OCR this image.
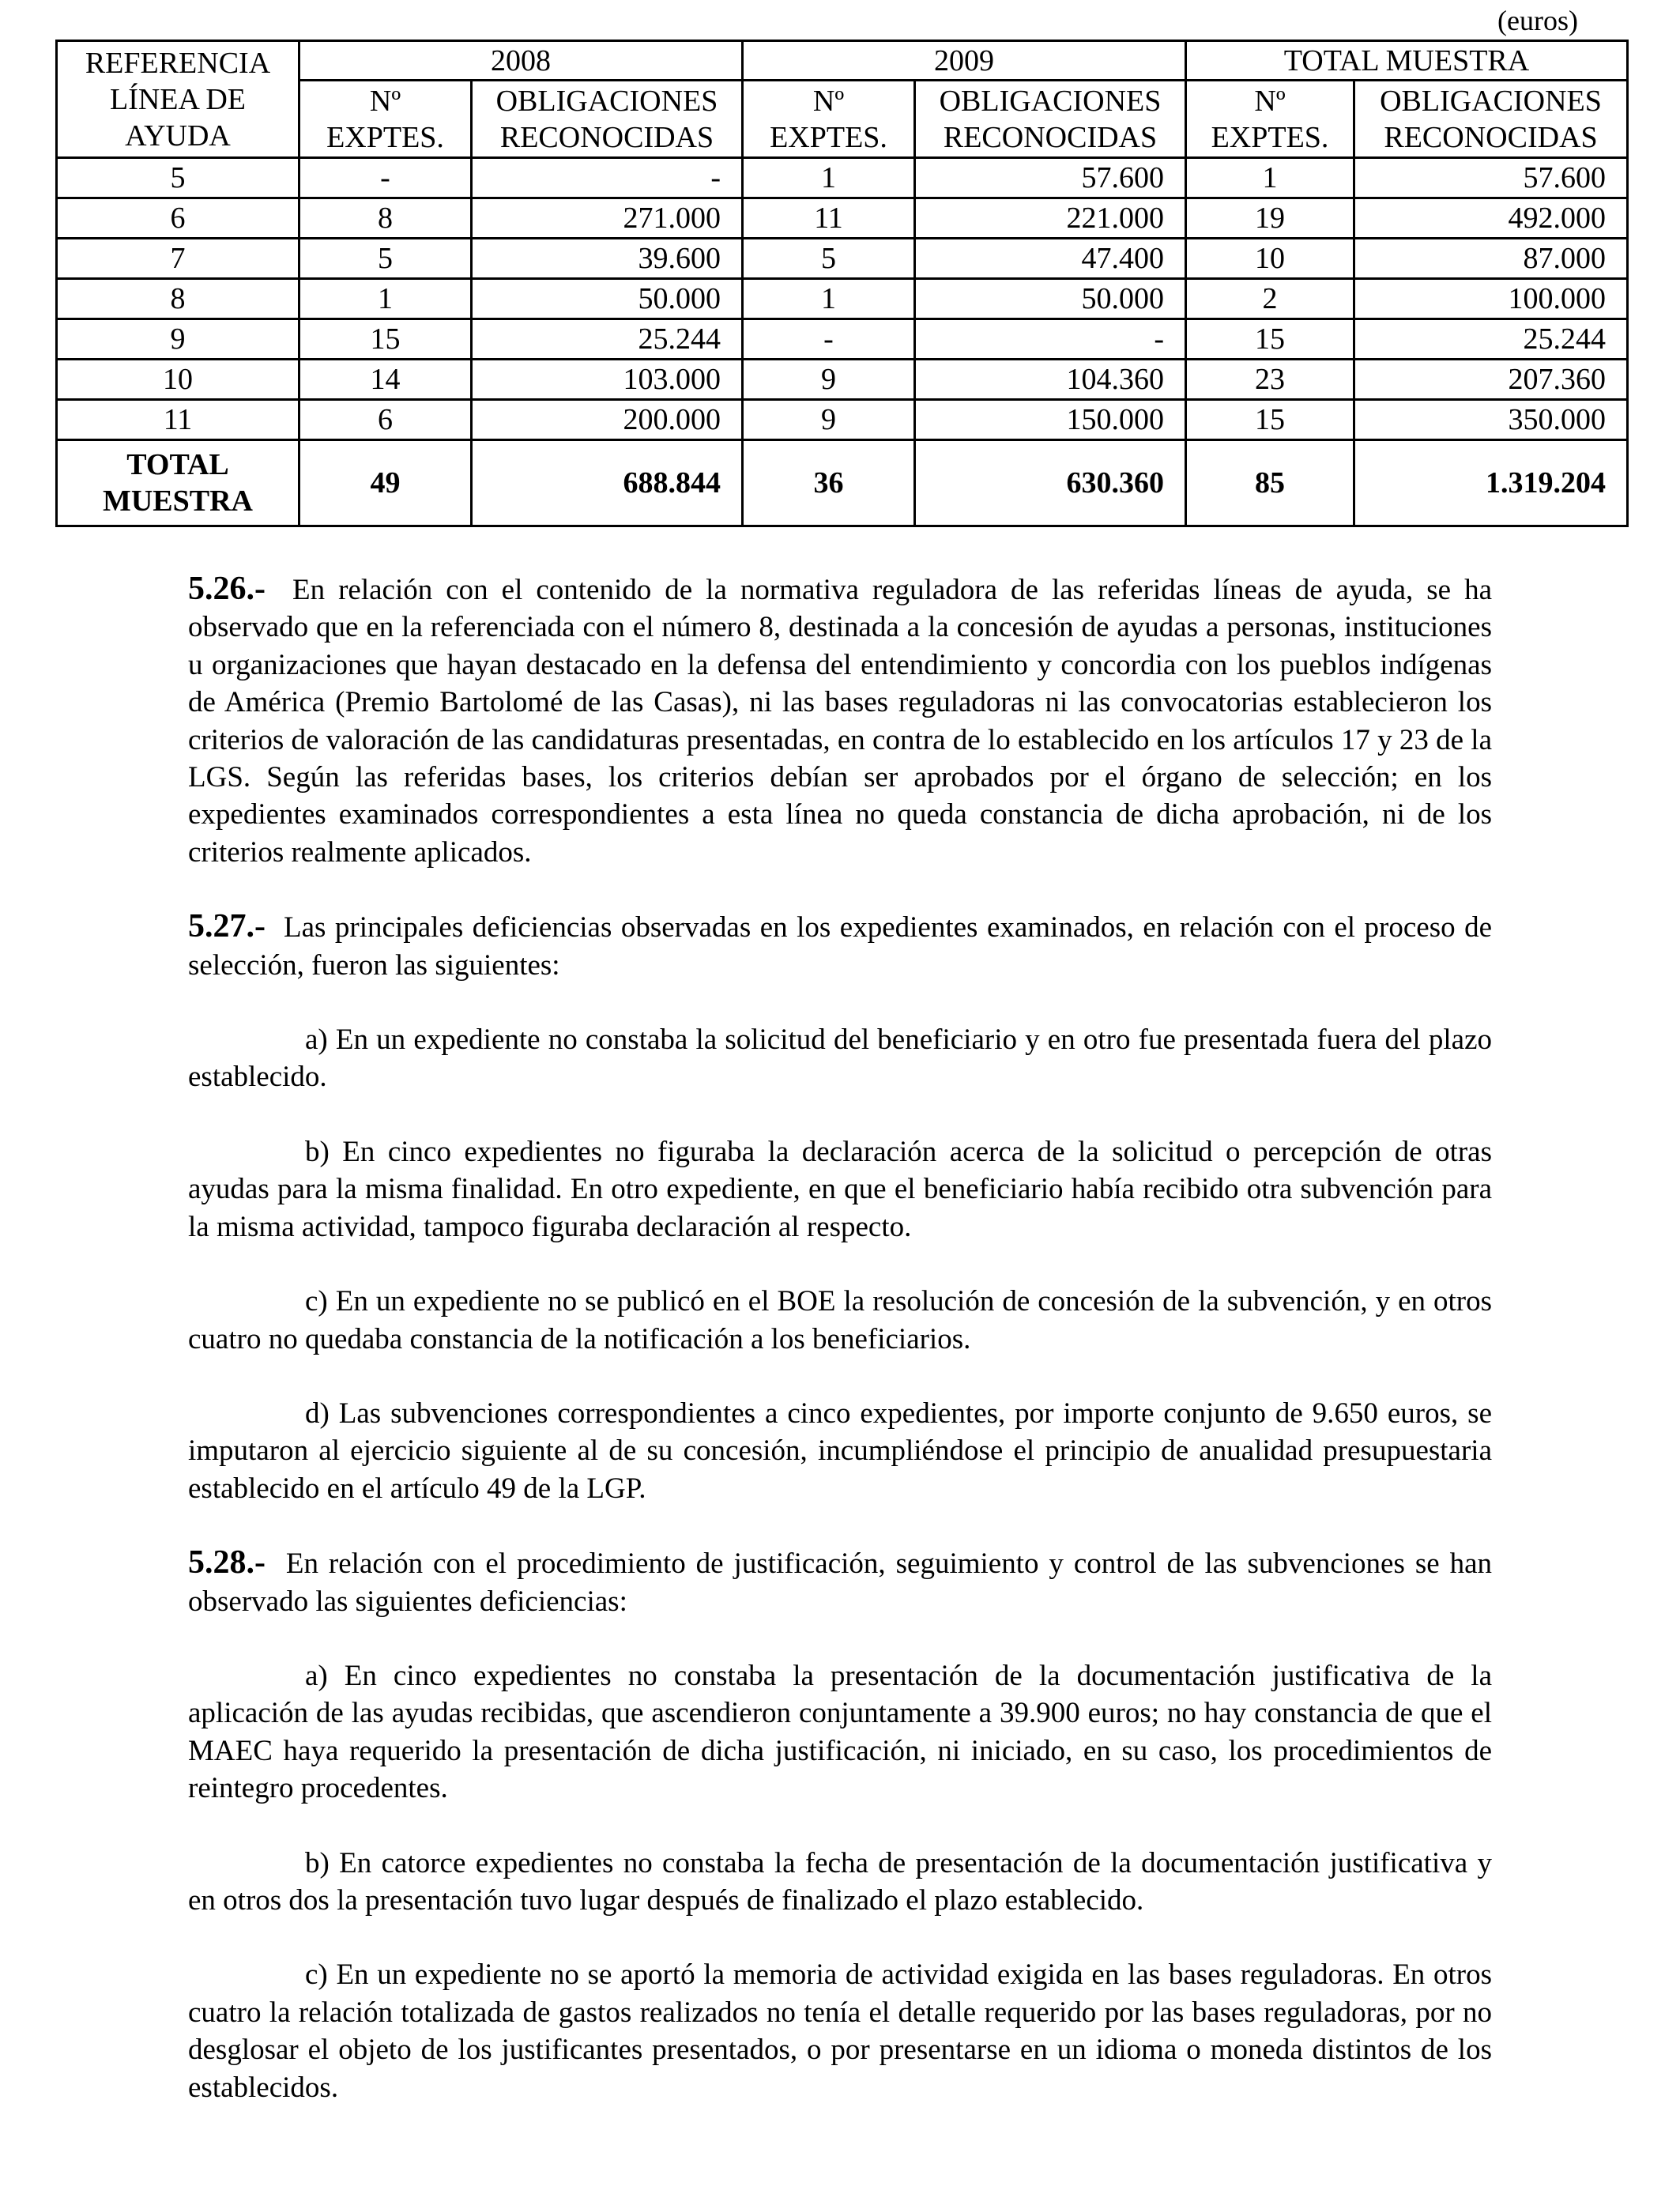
(euros)
REFERENCIA
LÍNEA DE
AYUDA	2008		2009		TOTAL MUESTRA	
	Nº
EXPTES.	OBLIGACIONES
RECONOCIDAS	Nº
EXPTES.	OBLIGACIONES
RECONOCIDAS	Nº
EXPTES.	OBLIGACIONES
RECONOCIDAS
5	-	-	1	57.600	1	57.600
6	8	271.000	11	221.000	19	492.000
7	5	39.600	5	47.400	10	87.000
8	1	50.000	1	50.000	2	100.000
9	15	25.244	-	-	15	25.244
10	14	103.000	9	104.360	23	207.360
11	6	200.000	9	150.000	15	350.000
TOTAL
MUESTRA	49	688.844	36	630.360	85	1.319.204

5.26.- En relación con el contenido de la normativa reguladora de las referidas líneas de ayuda, se ha observado que en la referenciada con el número 8, destinada a la concesión de ayudas a personas, instituciones u organizaciones que hayan destacado en la defensa del entendimiento y concordia con los pueblos indígenas de América (Premio Bartolomé de las Casas), ni las bases reguladoras ni las convocatorias establecieron los criterios de valoración de las candidaturas presentadas, en contra de lo establecido en los artículos 17 y 23 de la LGS. Según las referidas bases, los criterios debían ser aprobados por el órgano de selección; en los expedientes examinados correspondientes a esta línea no queda constancia de dicha aprobación, ni de los criterios realmente aplicados.

5.27.- Las principales deficiencias observadas en los expedientes examinados, en relación con el proceso de selección, fueron las siguientes:

a) En un expediente no constaba la solicitud del beneficiario y en otro fue presentada fuera del plazo establecido.

b) En cinco expedientes no figuraba la declaración acerca de la solicitud o percepción de otras ayudas para la misma finalidad. En otro expediente, en que el beneficiario había recibido otra subvención para la misma actividad, tampoco figuraba declaración al respecto.

c) En un expediente no se publicó en el BOE la resolución de concesión de la subvención, y en otros cuatro no quedaba constancia de la notificación a los beneficiarios.

d) Las subvenciones correspondientes a cinco expedientes, por importe conjunto de 9.650 euros, se imputaron al ejercicio siguiente al de su concesión, incumpliéndose el principio de anualidad presupuestaria establecido en el artículo 49 de la LGP.

5.28.- En relación con el procedimiento de justificación, seguimiento y control de las subvenciones se han observado las siguientes deficiencias:

a) En cinco expedientes no constaba la presentación de la documentación justificativa de la aplicación de las ayudas recibidas, que ascendieron conjuntamente a 39.900 euros; no hay constancia de que el MAEC haya requerido la presentación de dicha justificación, ni iniciado, en su caso, los procedimientos de reintegro procedentes.

b) En catorce expedientes no constaba la fecha de presentación de la documentación justificativa y en otros dos la presentación tuvo lugar después de finalizado el plazo establecido.

c) En un expediente no se aportó la memoria de actividad exigida en las bases reguladoras. En otros cuatro la relación totalizada de gastos realizados no tenía el detalle requerido por las bases reguladoras, por no desglosar el objeto de los justificantes presentados, o por presentarse en un idioma o moneda distintos de los establecidos.
